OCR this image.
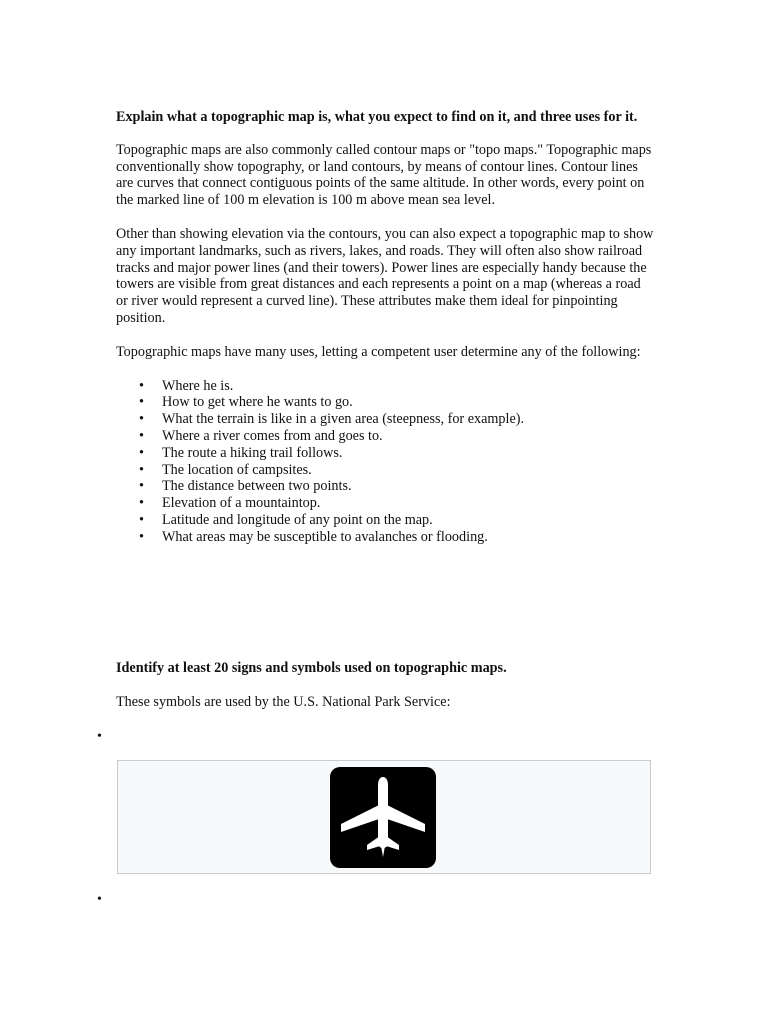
Explain what a topographic map is, what you expect to find on it, and three uses for it.

Topographic maps are also commonly called contour maps or "topo maps." Topographic maps conventionally show topography, or land contours, by means of contour lines. Contour lines are curves that connect contiguous points of the same altitude. In other words, every point on the marked line of 100 m elevation is 100 m above mean sea level.

Other than showing elevation via the contours, you can also expect a topographic map to show any important landmarks, such as rivers, lakes, and roads. They will often also show railroad tracks and major power lines (and their towers). Power lines are especially handy because the towers are visible from great distances and each represents a point on a map (whereas a road or river would represent a curved line). These attributes make them ideal for pinpointing position.

Topographic maps have many uses, letting a competent user determine any of the following:

• Where he is.
• How to get where he wants to go.
• What the terrain is like in a given area (steepness, for example).
• Where a river comes from and goes to.
• The route a hiking trail follows.
• The location of campsites.
• The distance between two points.
• Elevation of a mountaintop.
• Latitude and longitude of any point on the map.
• What areas may be susceptible to avalanches or flooding.

Identify at least 20 signs and symbols used on topographic maps.

These symbols are used by the U.S. National Park Service:

•
•
